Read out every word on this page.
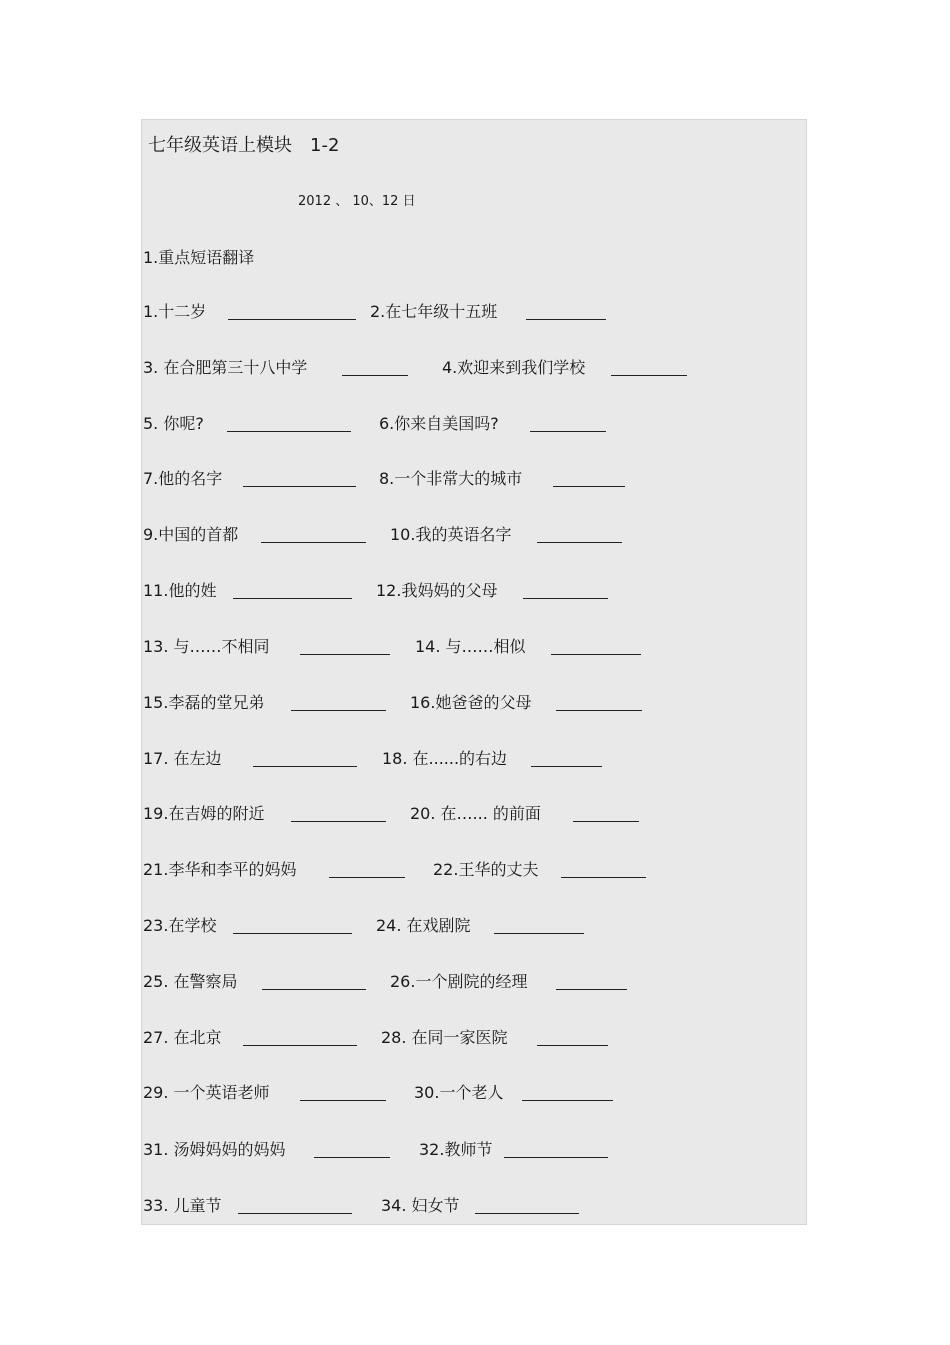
七年级英语上模块　1-2
2012 、 10、12 日
1.重点短语翻译
1.十二岁	2.在七年级十五班
3. 在合肥第三十八中学	4.欢迎来到我们学校
5. 你呢?	6.你来自美国吗?
7.他的名字	8.一个非常大的城市
9.中国的首都	10.我的英语名字
11.他的姓	12.我妈妈的父母
13. 与……不相同	14. 与……相似
15.李磊的堂兄弟	16.她爸爸的父母
17. 在左边	18. 在......的右边
19.在吉姆的附近	20. 在…... 的前面
21.李华和李平的妈妈	22.王华的丈夫
23.在学校	24. 在戏剧院
25. 在警察局	26.一个剧院的经理
27. 在北京	28. 在同一家医院
29. 一个英语老师	30.一个老人
31. 汤姆妈妈的妈妈	32.教师节
33. 儿童节	34. 妇女节
